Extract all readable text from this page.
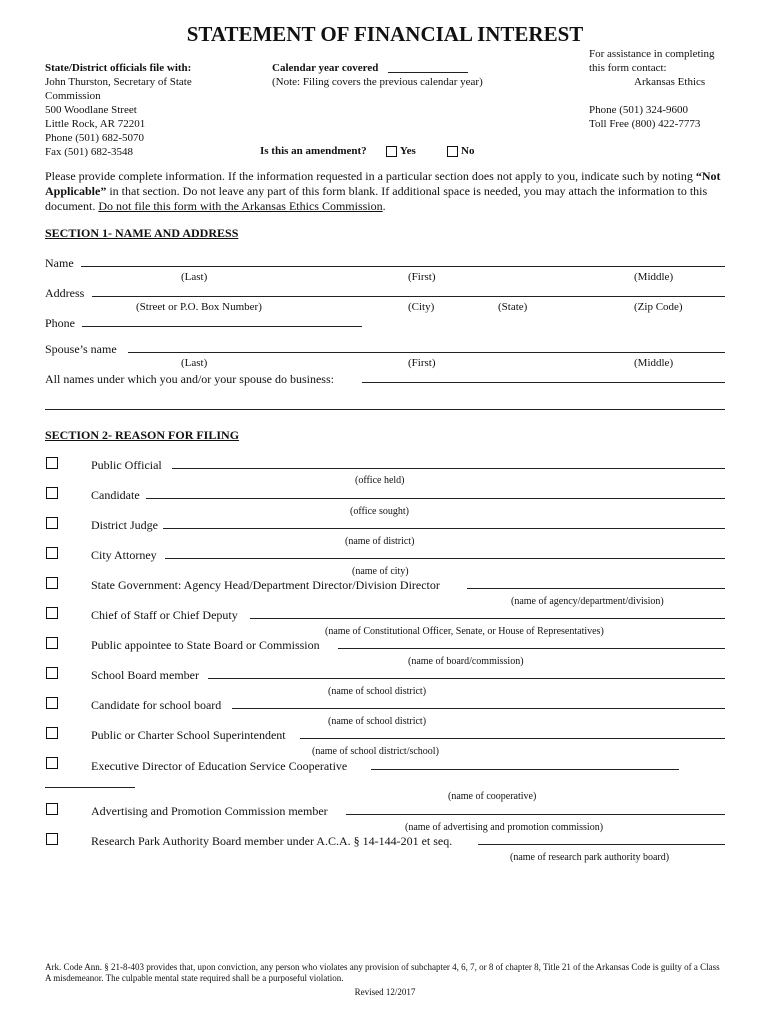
STATEMENT OF FINANCIAL INTEREST
State/District officials file with:
John Thurston, Secretary of State
Commission
500 Woodlane Street
Little Rock, AR 72201
Phone (501) 682-5070
Fax (501) 682-3548
Calendar year covered
(Note: Filing covers the previous calendar year)
For assistance in completing
this form contact:
Arkansas Ethics
Phone (501) 324-9600
Toll Free (800) 422-7773
Is this an amendment?	Yes	No
Please provide complete information. If the information requested in a particular section does not apply to you, indicate such by noting “Not Applicable” in that section. Do not leave any part of this form blank. If additional space is needed, you may attach the information to this document. Do not file this form with the Arkansas Ethics Commission.
SECTION 1- NAME AND ADDRESS
Name
(Last)	(First)	(Middle)
Address
(Street or P.O. Box Number)	(City)	(State)	(Zip Code)
Phone
Spouse’s name
(Last)	(First)	(Middle)
All names under which you and/or your spouse do business:
SECTION 2- REASON FOR FILING
Public Official
(office held)
Candidate
(office sought)
District Judge
(name of district)
City Attorney
(name of city)
State Government: Agency Head/Department Director/Division Director
(name of agency/department/division)
Chief of Staff or Chief Deputy
(name of Constitutional Officer, Senate, or House of Representatives)
Public appointee to State Board or Commission
(name of board/commission)
School Board member
(name of school district)
Candidate for school board
(name of school district)
Public or Charter School Superintendent
(name of school district/school)
Executive Director of Education Service Cooperative
(name of cooperative)
Advertising and Promotion Commission member
(name of advertising and promotion commission)
Research Park Authority Board member under A.C.A. § 14-144-201 et seq.
(name of research park authority board)
Ark. Code Ann. § 21-8-403 provides that, upon conviction, any person who violates any provision of subchapter 4, 6, 7, or 8 of chapter 8, Title 21 of the Arkansas Code is guilty of a Class A misdemeanor. The culpable mental state required shall be a purposeful violation.
Revised 12/2017
